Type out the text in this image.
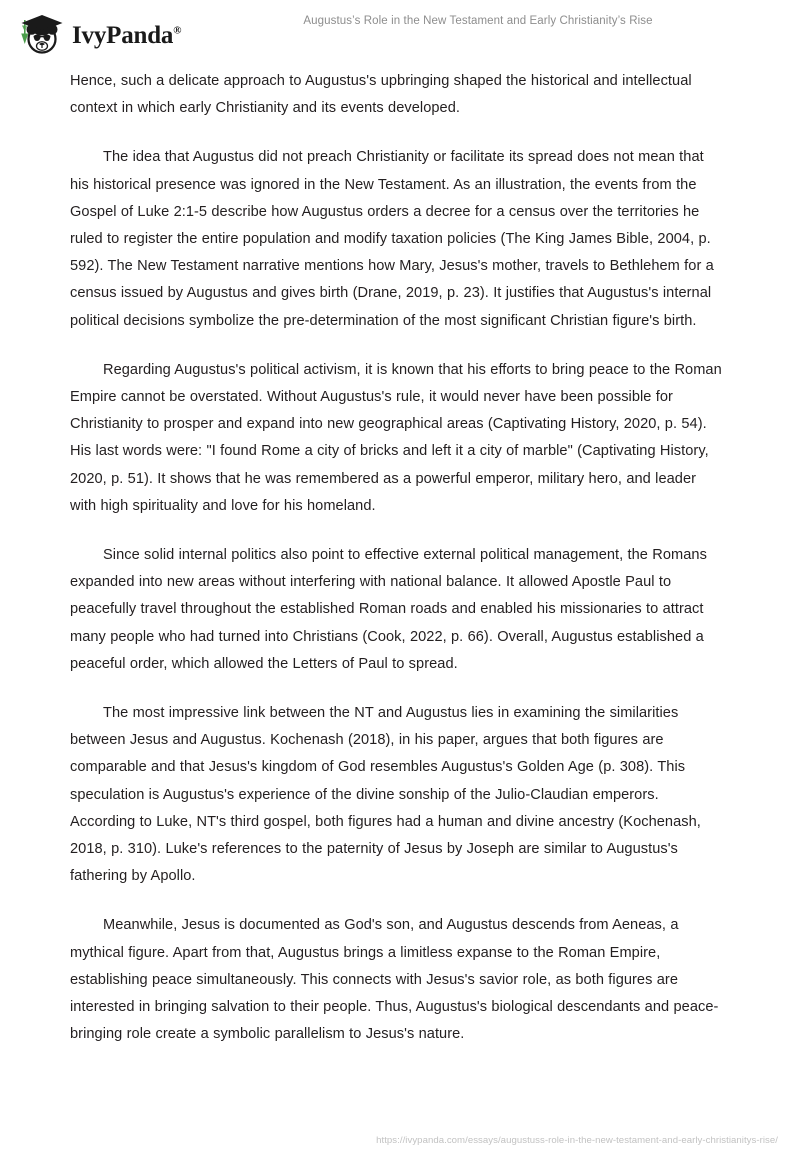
IvyPanda®
Augustus’s Role in the New Testament and Early Christianity’s Rise

Hence, such a delicate approach to Augustus's upbringing shaped the historical and intellectual context in which early Christianity and its events developed.

The idea that Augustus did not preach Christianity or facilitate its spread does not mean that his historical presence was ignored in the New Testament. As an illustration, the events from the Gospel of Luke 2:1-5 describe how Augustus orders a decree for a census over the territories he ruled to register the entire population and modify taxation policies (The King James Bible, 2004, p. 592). The New Testament narrative mentions how Mary, Jesus's mother, travels to Bethlehem for a census issued by Augustus and gives birth (Drane, 2019, p. 23). It justifies that Augustus's internal political decisions symbolize the pre-determination of the most significant Christian figure's birth.

Regarding Augustus's political activism, it is known that his efforts to bring peace to the Roman Empire cannot be overstated. Without Augustus's rule, it would never have been possible for Christianity to prosper and expand into new geographical areas (Captivating History, 2020, p. 54). His last words were: "I found Rome a city of bricks and left it a city of marble" (Captivating History, 2020, p. 51). It shows that he was remembered as a powerful emperor, military hero, and leader with high spirituality and love for his homeland.

Since solid internal politics also point to effective external political management, the Romans expanded into new areas without interfering with national balance. It allowed Apostle Paul to peacefully travel throughout the established Roman roads and enabled his missionaries to attract many people who had turned into Christians (Cook, 2022, p. 66). Overall, Augustus established a peaceful order, which allowed the Letters of Paul to spread.

The most impressive link between the NT and Augustus lies in examining the similarities between Jesus and Augustus. Kochenash (2018), in his paper, argues that both figures are comparable and that Jesus's kingdom of God resembles Augustus's Golden Age (p. 308). This speculation is Augustus's experience of the divine sonship of the Julio-Claudian emperors. According to Luke, NT's third gospel, both figures had a human and divine ancestry (Kochenash, 2018, p. 310). Luke's references to the paternity of Jesus by Joseph are similar to Augustus's fathering by Apollo.

Meanwhile, Jesus is documented as God's son, and Augustus descends from Aeneas, a mythical figure. Apart from that, Augustus brings a limitless expanse to the Roman Empire, establishing peace simultaneously. This connects with Jesus's savior role, as both figures are interested in bringing salvation to their people. Thus, Augustus's biological descendants and peace-bringing role create a symbolic parallelism to Jesus's nature.

https://ivypanda.com/essays/augustuss-role-in-the-new-testament-and-early-christianitys-rise/
